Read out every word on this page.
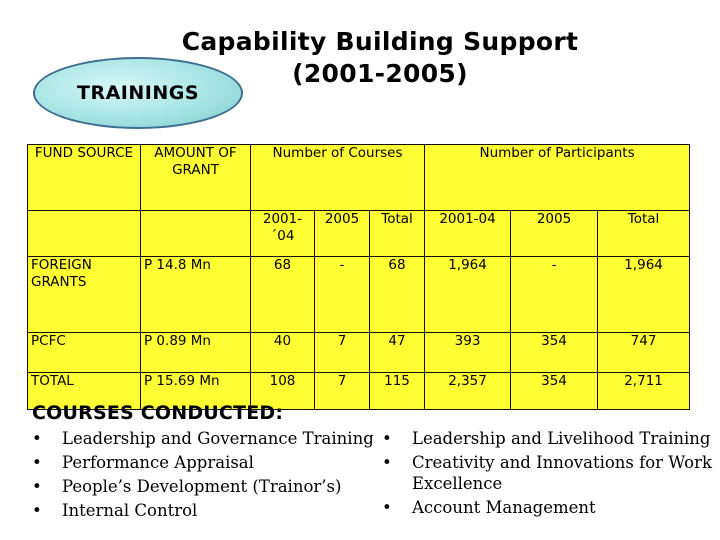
Capability Building Support
(2001-2005)
TRAININGS
FUND SOURCE	AMOUNT OF GRANT	Number of Courses			Number of Participants		
		2001-´04	2005	Total	2001-04	2005	Total
FOREIGN GRANTS	P 14.8 Mn	68	-	68	1,964	-	1,964
PCFC	P 0.89 Mn	40	7	47	393	354	747
TOTAL	P 15.69 Mn	108	7	115	2,357	354	2,711
COURSES CONDUCTED:
• Leadership and Governance Training
• Performance Appraisal
• People’s Development (Trainor’s)
• Internal Control
• Leadership and Livelihood Training
• Creativity and Innovations for Work Excellence
• Account Management
